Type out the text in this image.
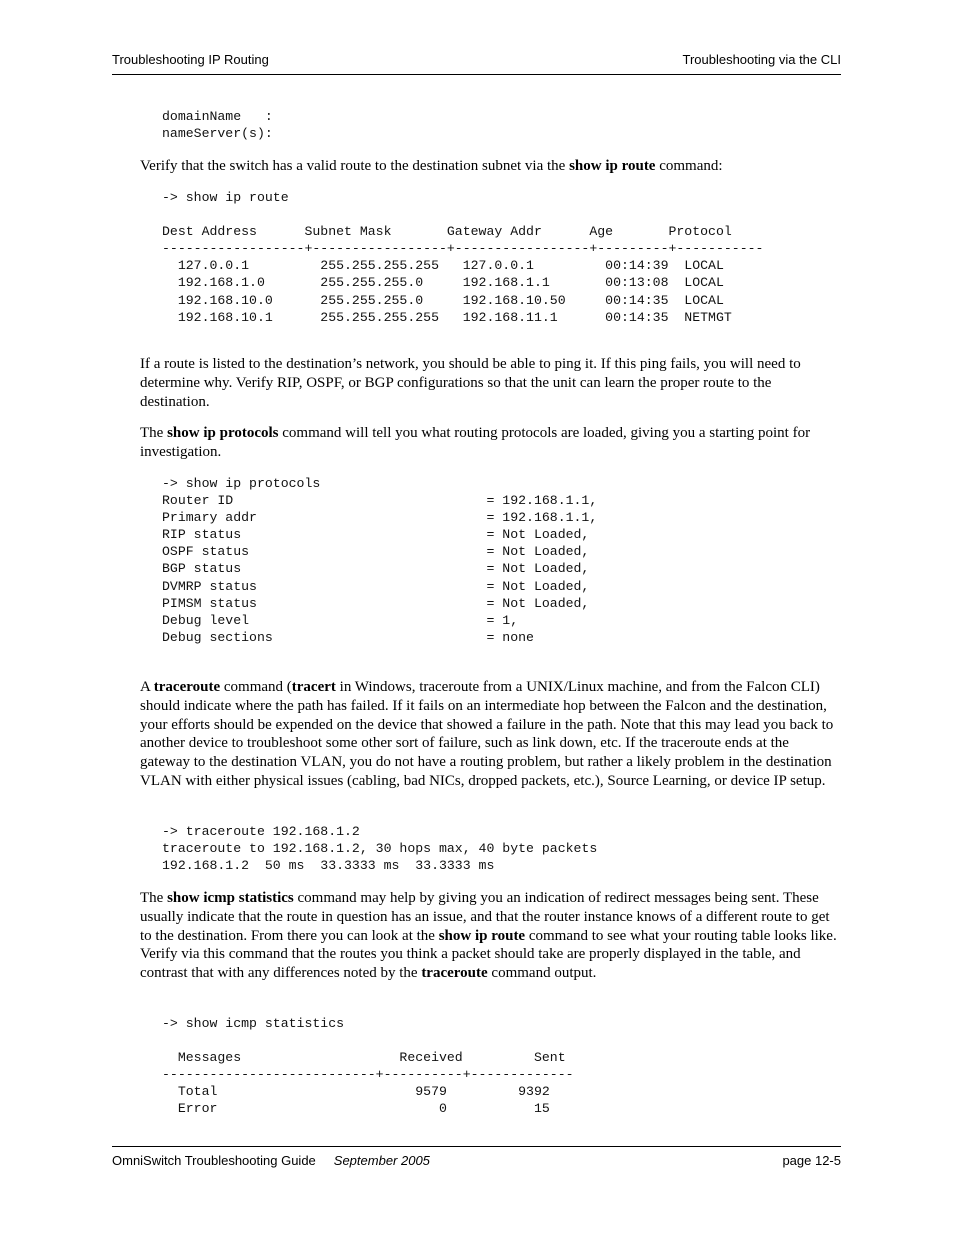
Troubleshooting IP Routing	Troubleshooting via the CLI
domainName   :
nameServer(s):

Verify that the switch has a valid route to the destination subnet via the show ip route command:

-> show ip route

Dest Address      Subnet Mask       Gateway Addr      Age       Protocol
------------------+-----------------+-----------------+---------+-----------
127.0.0.1         255.255.255.255   127.0.0.1         00:14:39  LOCAL
192.168.1.0       255.255.255.0     192.168.1.1       00:13:08  LOCAL
192.168.10.0      255.255.255.0     192.168.10.50     00:14:35  LOCAL
192.168.10.1      255.255.255.255   192.168.11.1      00:14:35  NETMGT

If a route is listed to the destination’s network, you should be able to ping it. If this ping fails, you will need to determine why. Verify RIP, OSPF, or BGP configurations so that the unit can learn the proper route to the destination.

The show ip protocols command will tell you what routing protocols are loaded, giving you a starting point for investigation.

-> show ip protocols
Router ID                                = 192.168.1.1,
Primary addr                             = 192.168.1.1,
RIP status                               = Not Loaded,
OSPF status                              = Not Loaded,
BGP status                               = Not Loaded,
DVMRP status                             = Not Loaded,
PIMSM status                             = Not Loaded,
Debug level                              = 1,
Debug sections                           = none

A traceroute command (tracert in Windows, traceroute from a UNIX/Linux machine, and from the Falcon CLI) should indicate where the path has failed. If it fails on an intermediate hop between the Falcon and the destination, your efforts should be expended on the device that showed a failure in the path. Note that this may lead you back to another device to troubleshoot some other sort of failure, such as link down, etc. If the traceroute ends at the gateway to the destination VLAN, you do not have a routing problem, but rather a likely problem in the destination VLAN with either physical issues (cabling, bad NICs, dropped packets, etc.), Source Learning, or device IP setup.

-> traceroute 192.168.1.2
traceroute to 192.168.1.2, 30 hops max, 40 byte packets
192.168.1.2  50 ms  33.3333 ms  33.3333 ms

The show icmp statistics command may help by giving you an indication of redirect messages being sent. These usually indicate that the route in question has an issue, and that the router instance knows of a different route to get to the destination. From there you can look at the show ip route command to see what your routing table looks like. Verify via this command that the routes you think a packet should take are properly displayed in the table, and contrast that with any differences noted by the traceroute command output.

-> show icmp statistics

Messages                    Received         Sent
---------------------------+----------+-------------
Total                         9579         9392
Error                            0           15
OmniSwitch Troubleshooting Guide September 2005	page 12-5
